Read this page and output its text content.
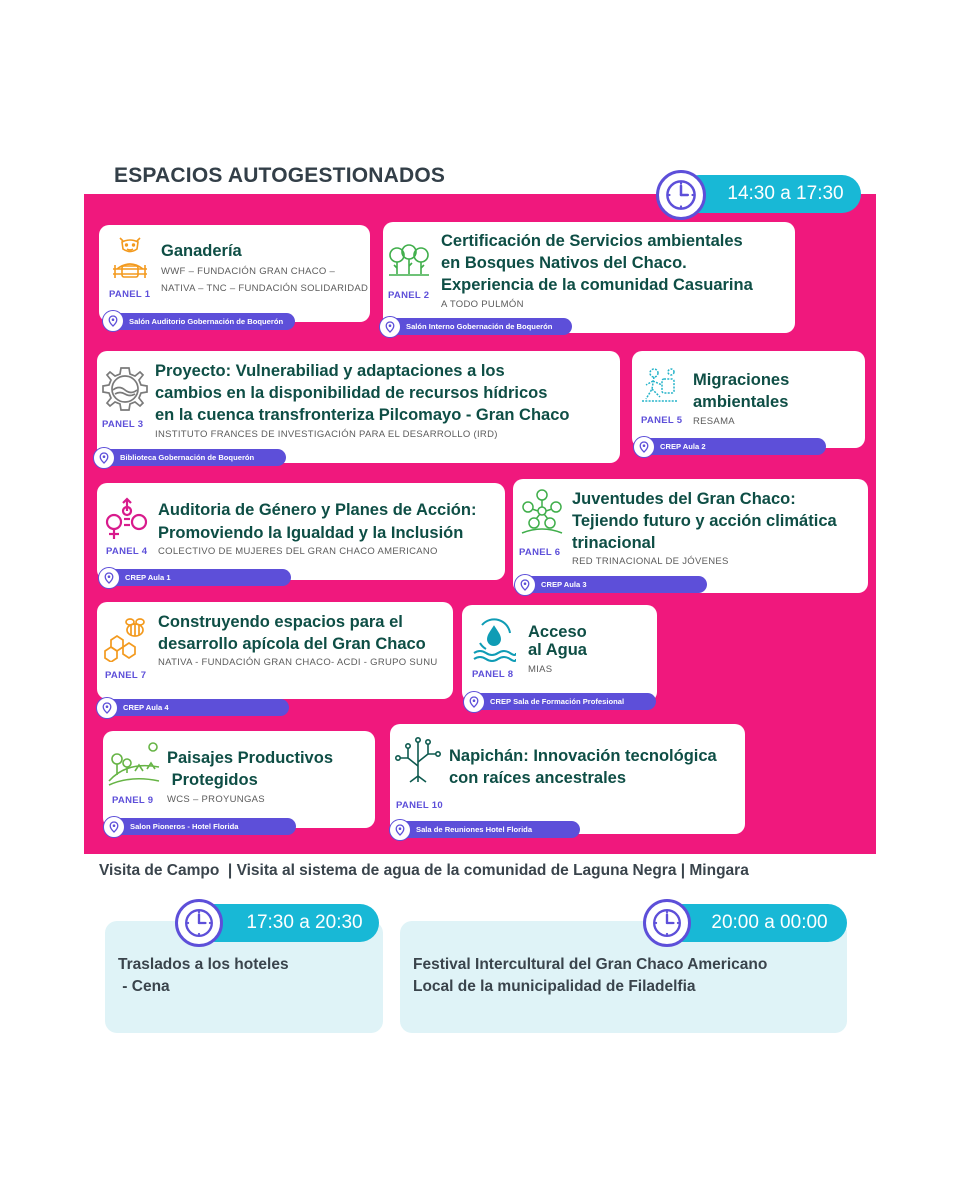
ESPACIOS AUTOGESTIONADOS
14:30 a 17:30
PANEL 1
Ganadería
WWF – FUNDACIÓN GRAN CHACO –
NATIVA – TNC – FUNDACIÓN SOLIDARIDAD
Salón Auditorio Gobernación de Boquerón
PANEL 2
Certificación de Servicios ambientales
en Bosques Nativos del Chaco.
Experiencia de la comunidad Casuarina
A TODO PULMÓN
Salón Interno Gobernación de Boquerón
PANEL 3
Proyecto: Vulnerabiliad y adaptaciones a los
cambios en la disponibilidad de recursos hídricos
en la cuenca transfronteriza Pilcomayo - Gran Chaco
INSTITUTO FRANCES DE INVESTIGACIÓN PARA EL DESARROLLO (IRD)
Biblioteca Gobernación de Boquerón
PANEL 5
Migraciones
ambientales
RESAMA
CREP Aula 2
PANEL 4
Auditoria de Género y Planes de Acción:
Promoviendo la Igualdad y la Inclusión
COLECTIVO DE MUJERES DEL GRAN CHACO AMERICANO
CREP Aula 1
PANEL 6
Juventudes del Gran Chaco:
Tejiendo futuro y acción climática
trinacional
RED TRINACIONAL DE JÓVENES
CREP Aula 3
PANEL 7
Construyendo espacios para el
desarrollo apícola del Gran Chaco
NATIVA - FUNDACIÓN GRAN CHACO- ACDI - GRUPO SUNU
CREP Aula 4
PANEL 8
Acceso
al Agua
MIAS
CREP Sala de Formación Profesional
PANEL 9
Paisajes Productivos
Protegidos
WCS – PROYUNGAS
Salon Pioneros - Hotel Florida
PANEL 10
Napichán: Innovación tecnológica
con raíces ancestrales
Sala de Reuniones Hotel Florida
Visita de Campo  | Visita al sistema de agua de la comunidad de Laguna Negra | Mingara
Traslados a los hoteles
- Cena
17:30 a 20:30
Festival Intercultural del Gran Chaco Americano
Local de la municipalidad de Filadelfia
20:00 a 00:00
